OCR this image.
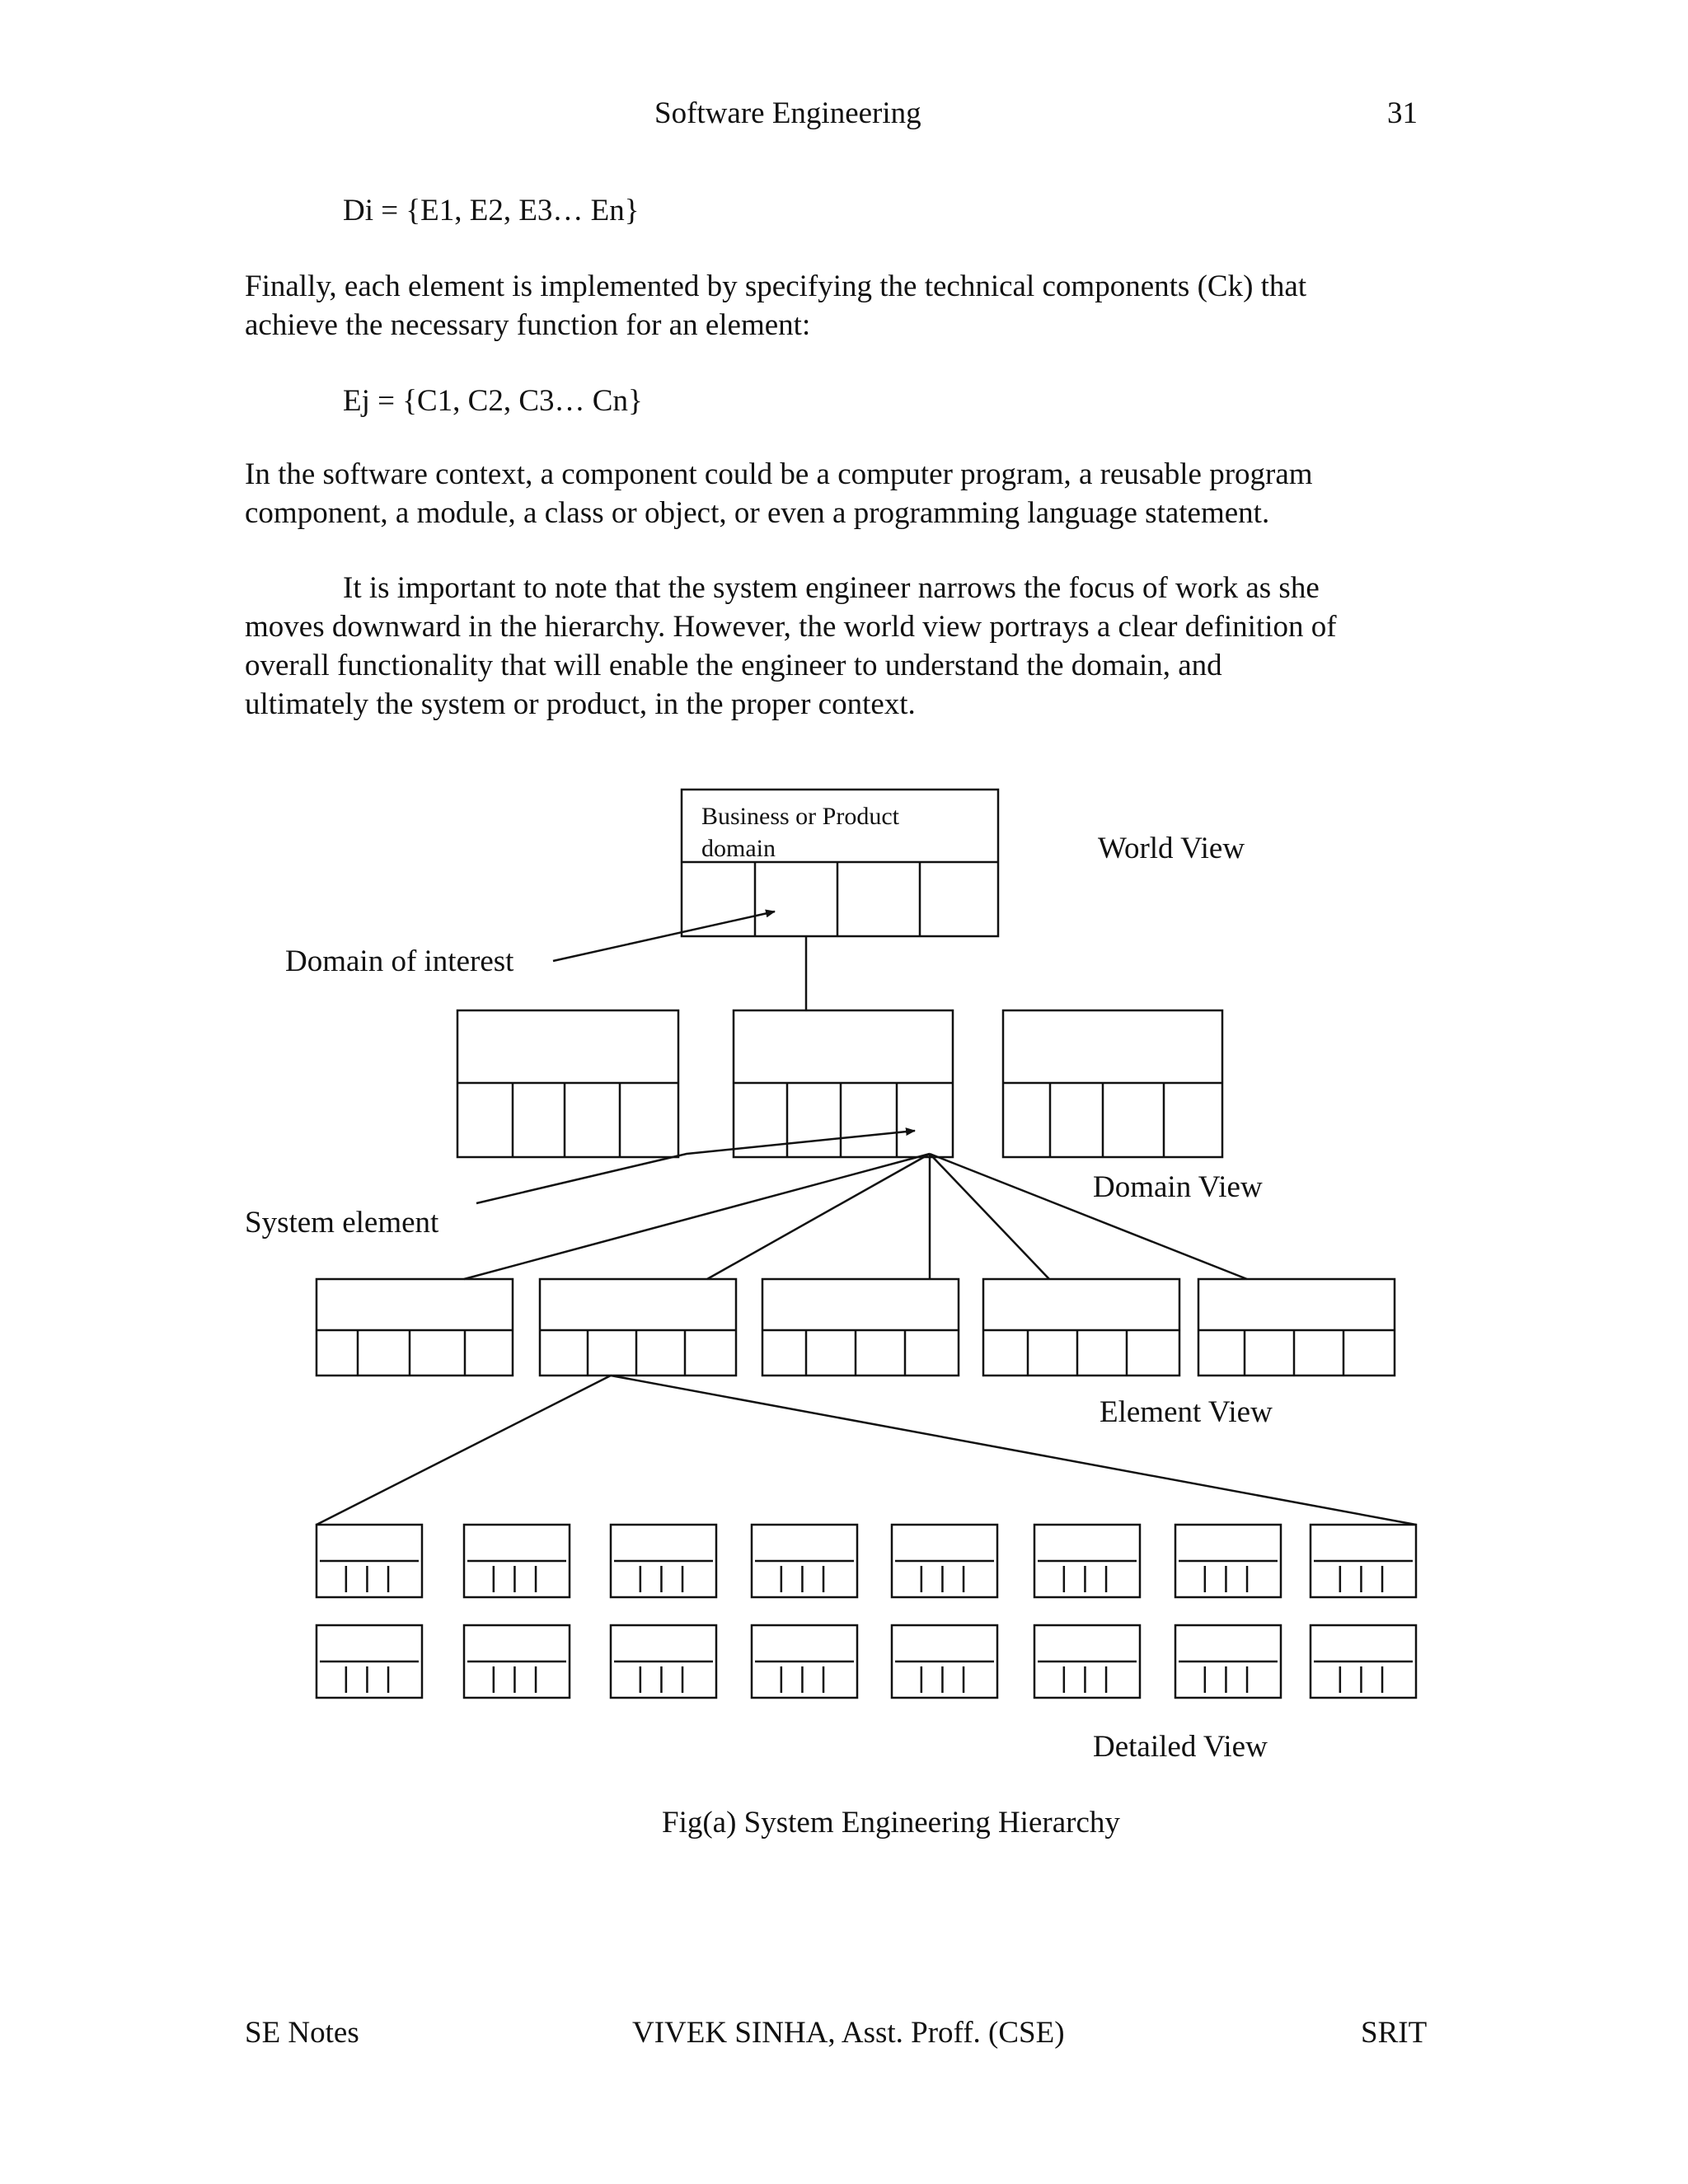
Software Engineering	31
Di = {E1, E2, E3… En}
Finally, each element is implemented by specifying the technical components (Ck) that
achieve the necessary function for an element:
Ej = {C1, C2, C3… Cn}
In the software context, a component could be a computer program, a reusable program
component, a module, a class or object, or even a programming language statement.
It is important to note that the system engineer narrows the focus of work as she
moves downward in the hierarchy. However, the world view portrays a clear definition of
overall functionality that will enable the engineer to understand the domain, and
ultimately the system or product, in the proper context.
Business or Product
domain	World View
Domain of interest
Domain View
System element
Element View
Detailed View
Fig(a) System Engineering Hierarchy
SE Notes	VIVEK SINHA, Asst. Proff. (CSE)	SRIT
